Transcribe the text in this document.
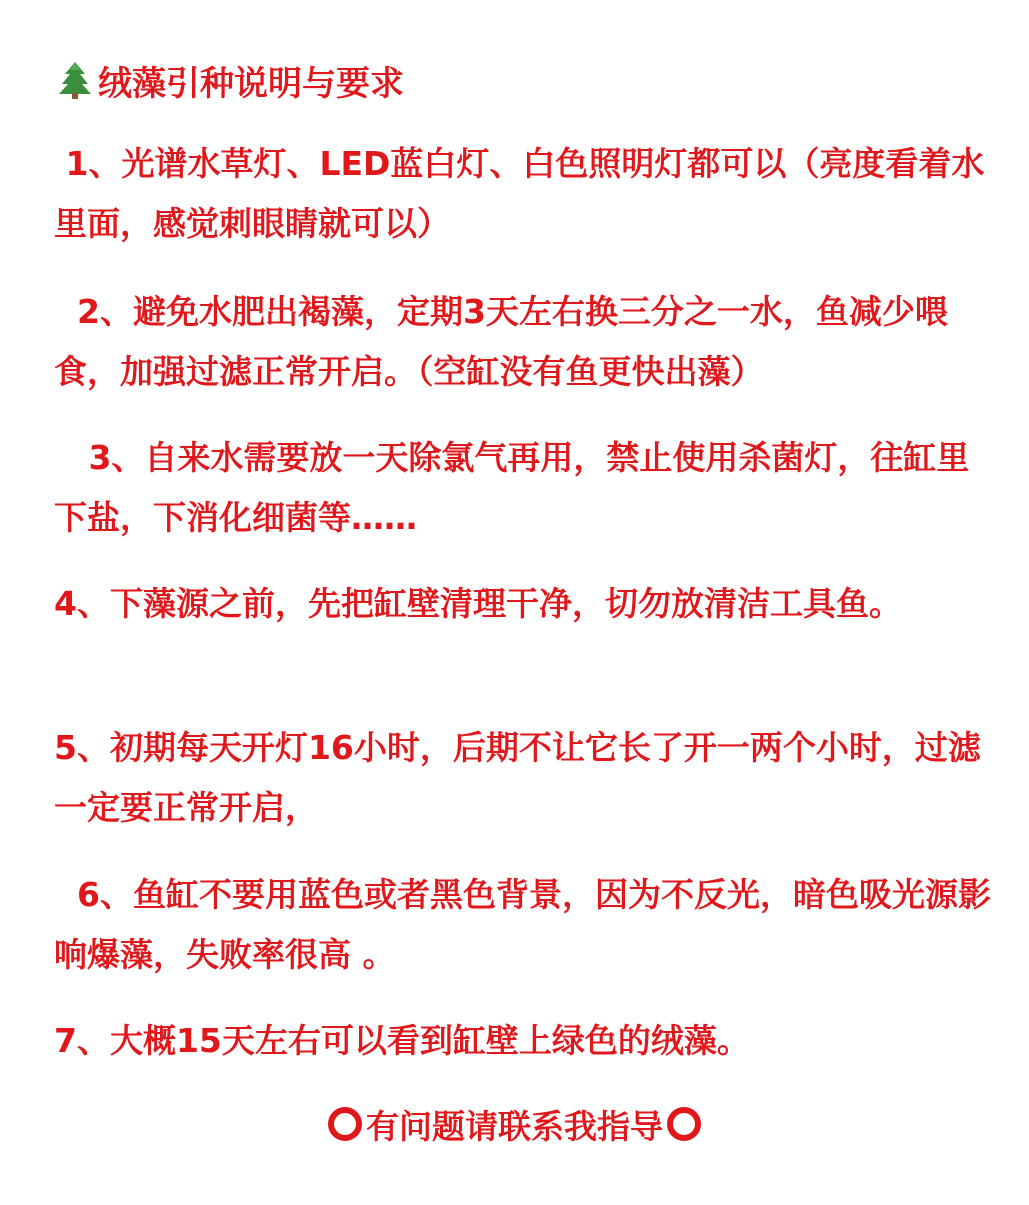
绒藻引种说明与要求
1、光谱水草灯、LED蓝白灯、白色照明灯都可以（亮度看着水里面，感觉刺眼睛就可以）
2、避免水肥出褐藻，定期3天左右换三分之一水，鱼减少喂食，加强过滤正常开启。（空缸没有鱼更快出藻）
3、自来水需要放一天除氯气再用，禁止使用杀菌灯，往缸里下盐，下消化细菌等……
4、下藻源之前，先把缸壁清理干净，切勿放清洁工具鱼。
5、初期每天开灯16小时，后期不让它长了开一两个小时，过滤一定要正常开启，
6、鱼缸不要用蓝色或者黑色背景，因为不反光，暗色吸光源影响爆藻，失败率很高 。
7、大概15天左右可以看到缸壁上绿色的绒藻。
有问题请联系我指导
